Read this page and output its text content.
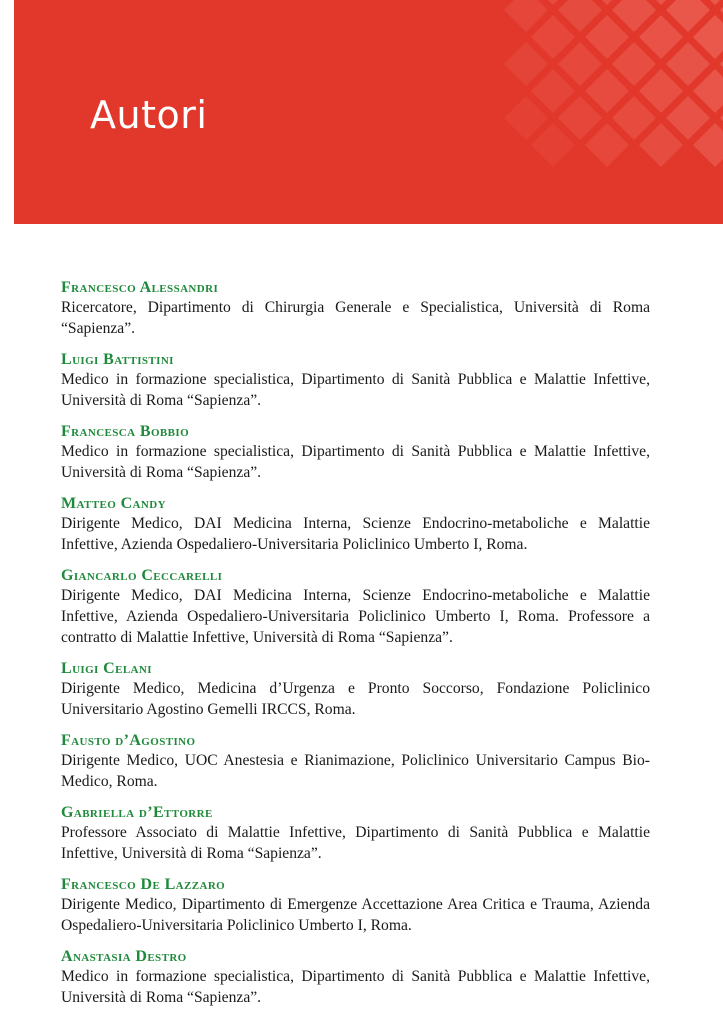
Autori
Francesco Alessandri
Ricercatore, Dipartimento di Chirurgia Generale e Specialistica, Università di Roma “Sapienza”.
Luigi Battistini
Medico in formazione specialistica, Dipartimento di Sanità Pubblica e Malattie Infettive, Università di Roma “Sapienza”.
Francesca Bobbio
Medico in formazione specialistica, Dipartimento di Sanità Pubblica e Malattie Infettive, Università di Roma “Sapienza”.
Matteo Candy
Dirigente Medico, DAI Medicina Interna, Scienze Endocrino-metaboliche e Malattie Infettive, Azienda Ospedaliero-Universitaria Policlinico Umberto I, Roma.
Giancarlo Ceccarelli
Dirigente Medico, DAI Medicina Interna, Scienze Endocrino-metaboliche e Malattie Infettive, Azienda Ospedaliero-Universitaria Policlinico Umberto I, Roma. Professore a contratto di Malattie Infettive, Università di Roma “Sapienza”.
Luigi Celani
Dirigente Medico, Medicina d’Urgenza e Pronto Soccorso, Fondazione Policlinico Universitario Agostino Gemelli IRCCS, Roma.
Fausto d’Agostino
Dirigente Medico, UOC Anestesia e Rianimazione, Policlinico Universitario Campus Bio-Medico, Roma.
Gabriella d’Ettorre
Professore Associato di Malattie Infettive, Dipartimento di Sanità Pubblica e Malattie Infettive, Università di Roma “Sapienza”.
Francesco De Lazzaro
Dirigente Medico, Dipartimento di Emergenze Accettazione Area Critica e Trauma, Azienda Ospedaliero-Universitaria Policlinico Umberto I, Roma.
Anastasia Destro
Medico in formazione specialistica, Dipartimento di Sanità Pubblica e Malattie Infettive, Università di Roma “Sapienza”.
